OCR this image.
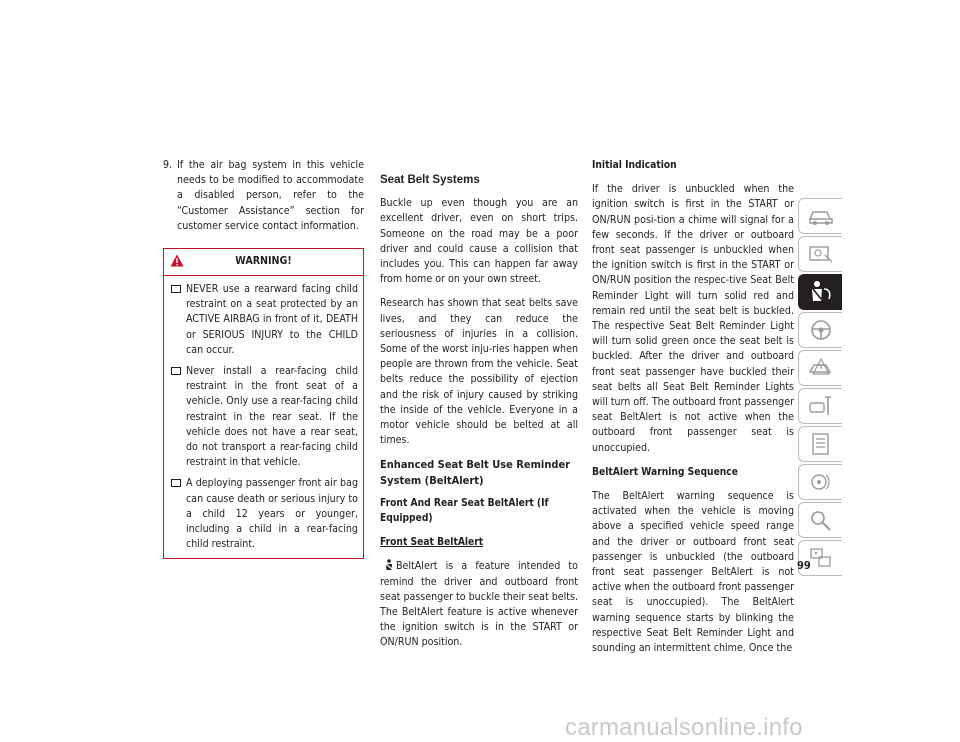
9. If the air bag system in this vehicle needs to be modified to accommodate a disabled person, refer to the “Customer Assistance” section for customer service contact information.
WARNING!
NEVER use a rearward facing child restraint on a seat protected by an ACTIVE AIRBAG in front of it, DEATH or SERIOUS INJURY to the CHILD can occur.
Never install a rear-facing child restraint in the front seat of a vehicle. Only use a rear-facing child restraint in the rear seat. If the vehicle does not have a rear seat, do not transport a rear-facing child restraint in that vehicle.
A deploying passenger front air bag can cause death or serious injury to a child 12 years or younger, including a child in a rear-facing child restraint.
Seat Belt Systems

Buckle up even though you are an excellent driver, even on short trips. Someone on the road may be a poor driver and could cause a collision that includes you. This can happen far away from home or on your own street.

Research has shown that seat belts save lives, and they can reduce the seriousness of injuries in a collision. Some of the worst inju-ries happen when people are thrown from the vehicle. Seat belts reduce the possibility of ejection and the risk of injury caused by striking the inside of the vehicle. Everyone in a motor vehicle should be belted at all times.

Enhanced Seat Belt Use Reminder System (BeltAlert)
Front And Rear Seat BeltAlert (If Equipped)
Front Seat BeltAlert

BeltAlert is a feature intended to remind the driver and outboard front seat passenger to buckle their seat belts. The BeltAlert feature is active whenever the ignition switch is in the START or ON/RUN position.

Initial Indication

If the driver is unbuckled when the ignition switch is first in the START or ON/RUN posi-tion a chime will signal for a few seconds. If the driver or outboard front seat passenger is unbuckled when the ignition switch is first in the START or ON/RUN position the respec-tive Seat Belt Reminder Light will turn solid red and remain red until the seat belt is buckled. The respective Seat Belt Reminder Light will turn solid green once the seat belt is buckled. After the driver and outboard front seat passenger have buckled their seat belts all Seat Belt Reminder Lights will turn off. The outboard front passenger seat BeltAlert is not active when the outboard front passenger seat is unoccupied.

BeltAlert Warning Sequence

The BeltAlert warning sequence is activated when the vehicle is moving above a specified vehicle speed range and the driver or outboard front seat passenger is unbuckled (the outboard front seat passenger BeltAlert is not active when the outboard front passenger seat is unoccupied). The BeltAlert warning sequence starts by blinking the respective Seat Belt Reminder Light and sounding an intermittent chime. Once the

99
carmanualsonline.info
